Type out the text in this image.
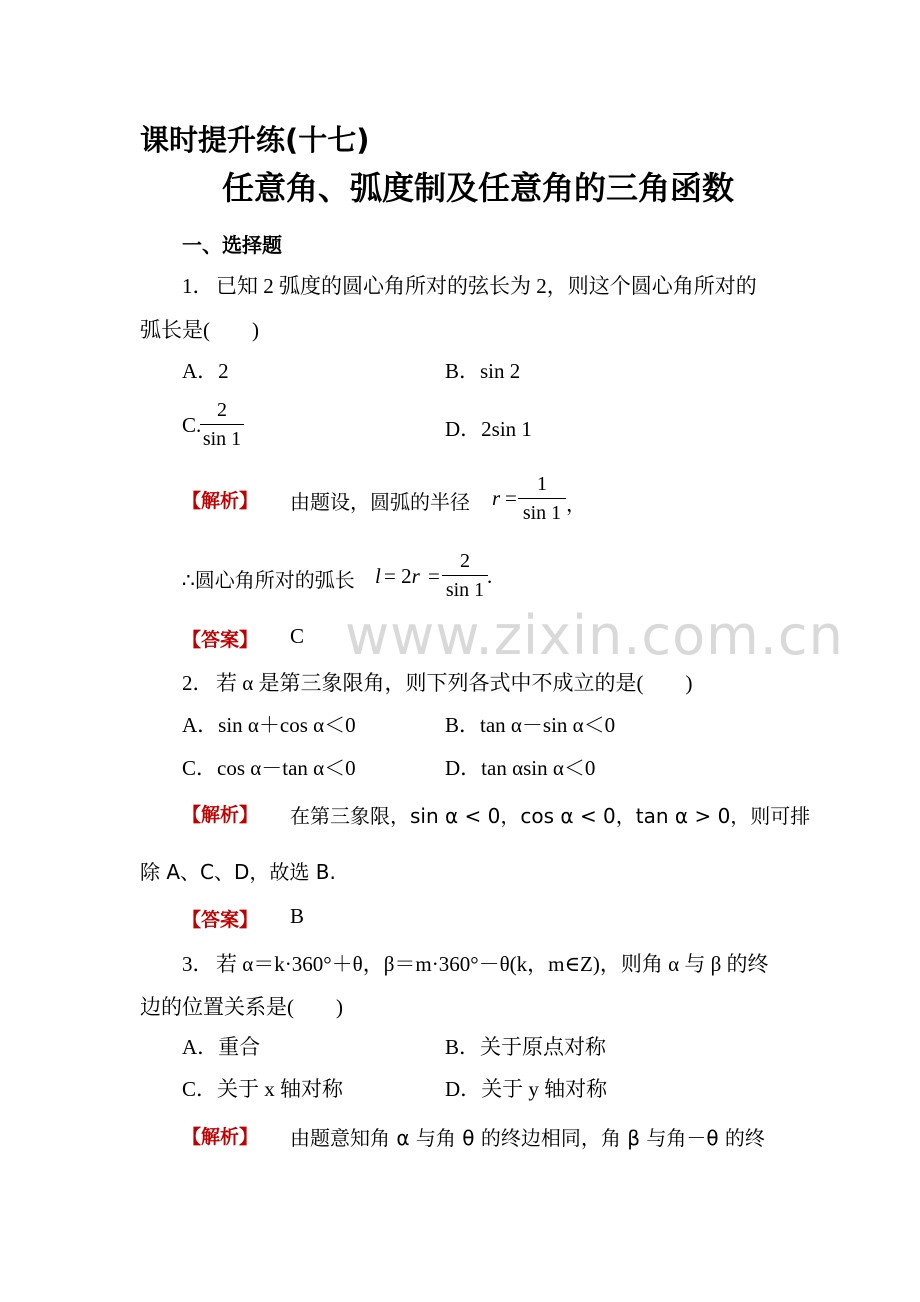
课时提升练(十七)
任意角、弧度制及任意角的三角函数
一、选择题
1． 已知 2 弧度的圆心角所对的弦长为 2，则这个圆心角所对的
弧长是(　　)
A．2	B．sin 2
C.
2
sin 1	D．2sin 1
【解析】 由题设，圆弧的半径 r =
1
sin 1 ，
∴圆心角所对的弧长 l = 2r =
2
sin 1
.
【答案】 C www.zixin.com.cn
2． 若 α 是第三象限角，则下列各式中不成立的是(　　)
A．sin α＋cos α＜0	B．tan α－sin α＜0
C．cos α－tan α＜0	D．tan αsin α＜0
【解析】 在第三象限，sin α < 0，cos α < 0，tan α > 0，则可排
除 A、C、D，故选 B.
【答案】 B
3． 若 α＝k·360°＋θ，β＝m·360°－θ(k，m∈Z)，则角 α 与 β 的终
边的位置关系是(　　)
A．重合	B．关于原点对称
C．关于 x 轴对称	D．关于 y 轴对称
【解析】 由题意知角 α 与角 θ 的终边相同，角 β 与角－θ 的终
